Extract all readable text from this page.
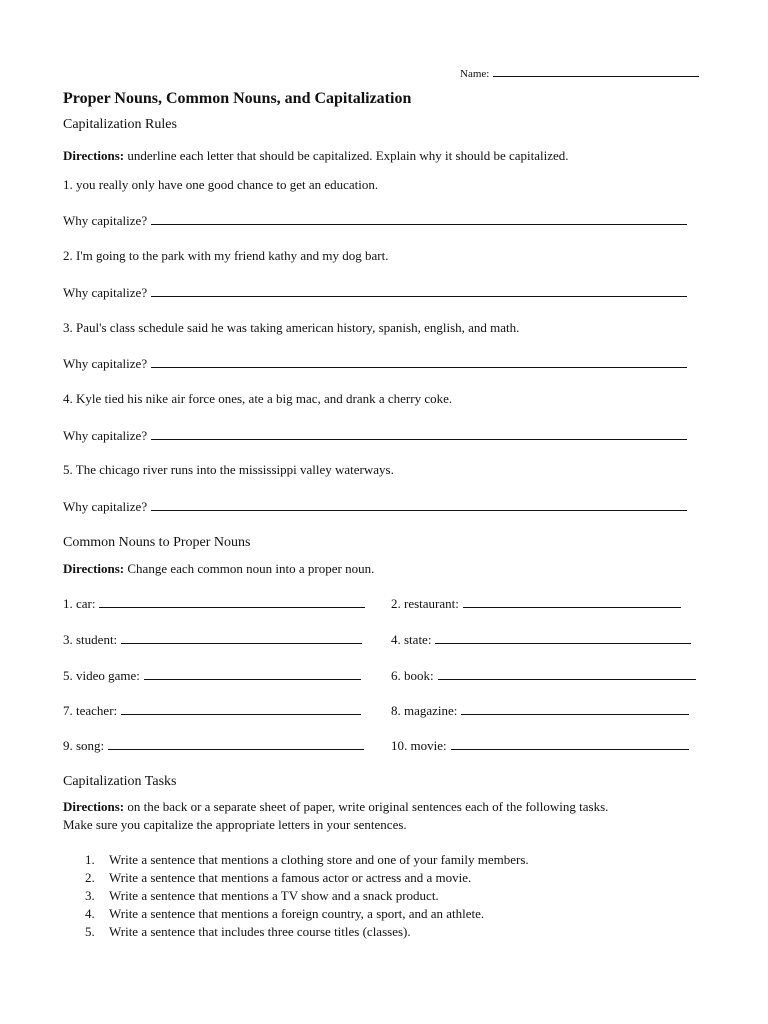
Name:
Proper Nouns, Common Nouns, and Capitalization
Capitalization Rules
Directions: underline each letter that should be capitalized. Explain why it should be capitalized.
1. you really only have one good chance to get an education.
Why capitalize?
2. I'm going to the park with my friend kathy and my dog bart.
Why capitalize?
3. Paul's class schedule said he was taking american history, spanish, english, and math.
Why capitalize?
4. Kyle tied his nike air force ones, ate a big mac, and drank a cherry coke.
Why capitalize?
5. The chicago river runs into the mississippi valley waterways.
Why capitalize?
Common Nouns to Proper Nouns
Directions: Change each common noun into a proper noun.
1. car:	2. restaurant:
3. student:	4. state:
5. video game:	6. book:
7. teacher:	8. magazine:
9. song:	10. movie:
Capitalization Tasks
Directions: on the back or a separate sheet of paper, write original sentences each of the following tasks.
Make sure you capitalize the appropriate letters in your sentences.
1.	Write a sentence that mentions a clothing store and one of your family members.
2.	Write a sentence that mentions a famous actor or actress and a movie.
3.	Write a sentence that mentions a TV show and a snack product.
4.	Write a sentence that mentions a foreign country, a sport, and an athlete.
5.	Write a sentence that includes three course titles (classes).
